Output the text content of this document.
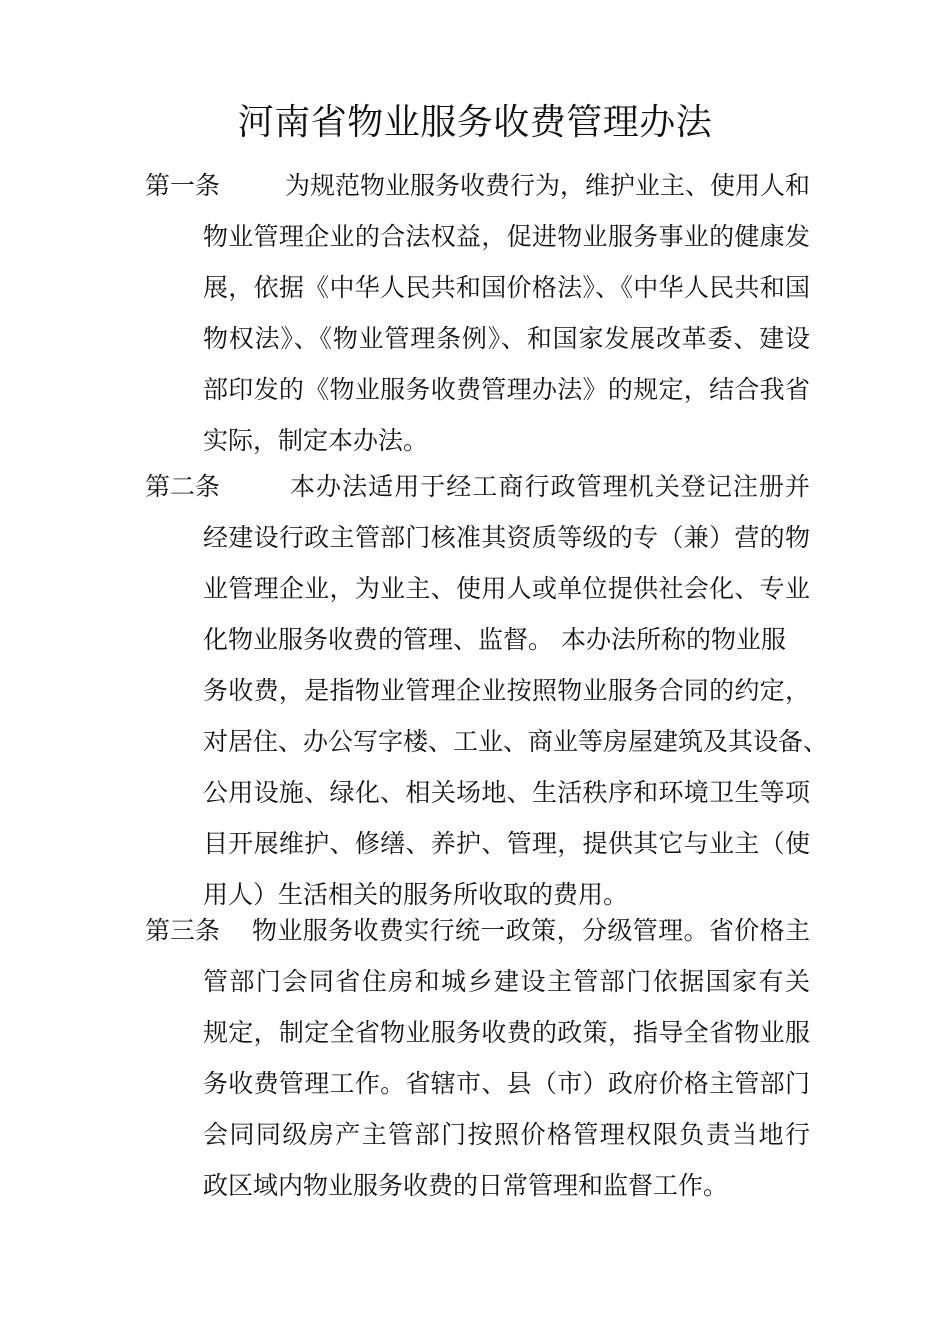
河南省物业服务收费管理办法
第一条	为规范物业服务收费行为，维护业主、使用人和
物业管理企业的合法权益，促进物业服务事业的健康发
展，依据《中华人民共和国价格法》、《中华人民共和国
物权法》、《物业管理条例》、和国家发展改革委、建设
部印发的《物业服务收费管理办法》的规定，结合我省
实际，制定本办法。
第二条	本办法适用于经工商行政管理机关登记注册并
经建设行政主管部门核准其资质等级的专（兼）营的物
业管理企业，为业主、使用人或单位提供社会化、专业
化物业服务收费的管理、监督。 本办法所称的物业服
务收费，是指物业管理企业按照物业服务合同的约定，
对居住、办公写字楼、工业、商业等房屋建筑及其设备、
公用设施、绿化、相关场地、生活秩序和环境卫生等项
目开展维护、修缮、养护、管理，提供其它与业主（使
用人）生活相关的服务所收取的费用。
第三条	物业服务收费实行统一政策，分级管理。省价格主
管部门会同省住房和城乡建设主管部门依据国家有关
规定，制定全省物业服务收费的政策，指导全省物业服
务收费管理工作。省辖市、县（市）政府价格主管部门
会同同级房产主管部门按照价格管理权限负责当地行
政区域内物业服务收费的日常管理和监督工作。
